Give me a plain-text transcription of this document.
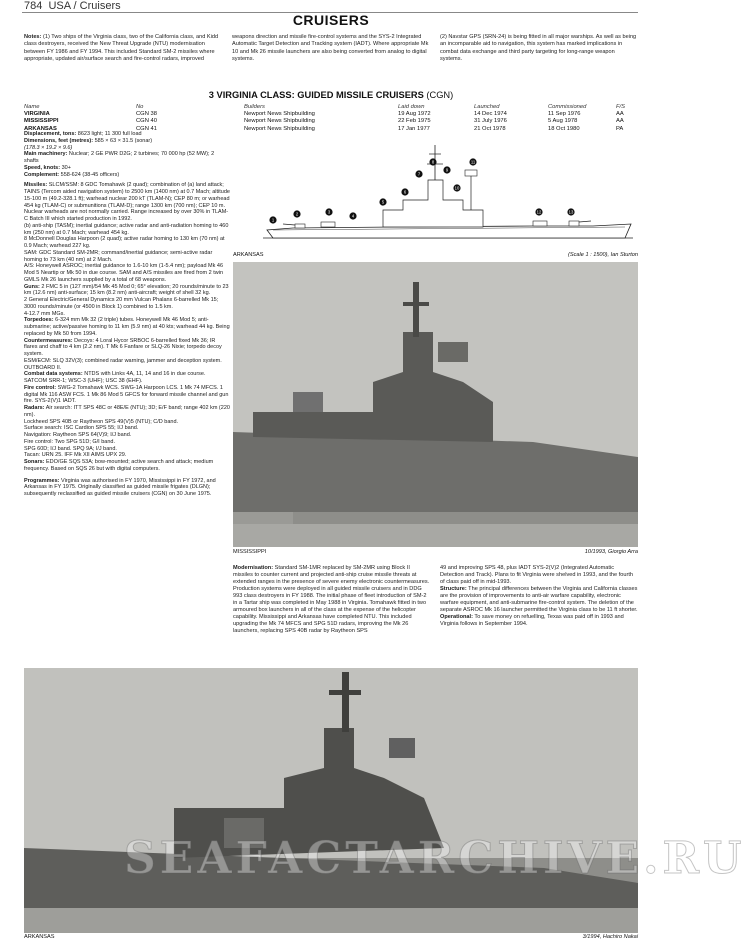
784 USA / Cruisers
CRUISERS
Notes: (1) Two ships of the Virginia class, two of the California class, and Kidd class destroyers, received the New Threat Upgrade (NTU) modernisation between FY 1986 and FY 1994. This included Standard SM-2 missiles where appropriate, updated air/surface search and fire-control radars, improved
weapons direction and missile fire-control systems and the SYS-2 Integrated Automatic Target Detection and Tracking system (IADT). Where appropriate Mk 10 and Mk 26 missile launchers are also being converted from analog to digital systems.
(2) Navstar GPS (SRN-24) is being fitted in all major warships. As well as being an incomparable aid to navigation, this system has marked implications in combat data exchange and third party targeting for long-range weapon systems.
3 VIRGINIA CLASS: GUIDED MISSILE CRUISERS (CGN)
Name	No	Builders	Laid down	Launched	Commissioned	F/S
VIRGINIA	CGN 38	Newport News Shipbuilding	19 Aug 1972	14 Dec 1974	11 Sep 1976	AA
MISSISSIPPI	CGN 40	Newport News Shipbuilding	22 Feb 1975	31 July 1976	5 Aug 1978	AA
ARKANSAS	CGN 41	Newport News Shipbuilding	17 Jan 1977	21 Oct 1978	18 Oct 1980	PA

Displacement, tons: 8623 light; 11 300 full load

Dimensions, feet (metres): 585 × 63 × 31.5 (sonar)
(178.3 × 19.2 × 9.6)

Main machinery: Nuclear; 2 GE PWR D2G; 2 turbines; 70 000 hp (52 MW); 2 shafts

Speed, knots: 30+

Complement: 558-624 (38-45 officers)

Missiles: SLCM/SSM: 8 GDC Tomahawk (2 quad); combination of (a) land attack; TAINS (Tercom aided navigation system) to 2500 km (1400 nm) at 0.7 Mach; altitude 15-100 m (49.2-328.1 ft); warhead nuclear 200 kT (TLAM-N); CEP 80 m; or warhead 454 kg (TLAM-C) or submunitions (TLAM-D); range 1300 km (700 nm); CEP 10 m. Nuclear warheads are not normally carried. Range increased by over 30% in TLAM-C Batch III which started production in 1992.

(b) anti-ship (TASM); inertial guidance; active radar and anti-radiation homing to 460 km (250 nm) at 0.7 Mach; warhead 454 kg.

8 McDonnell Douglas Harpoon (2 quad); active radar homing to 130 km (70 nm) at 0.9 Mach; warhead 227 kg.

SAM: GDC Standard SM-2MR; command/inertial guidance; semi-active radar homing to 73 km (40 nm) at 2 Mach.

A/S: Honeywell ASROC; inertial guidance to 1.6-10 km (1-5.4 nm); payload Mk 46 Mod 5 Neartip or Mk 50 in due course. SAM and A/S missiles are fired from 2 twin GMLS Mk 26 launchers supplied by a total of 68 weapons.

Guns: 2 FMC 5 in (127 mm)/54 Mk 45 Mod 0; 65° elevation; 20 rounds/minute to 23 km (12.6 nm) anti-surface; 15 km (8.2 nm) anti-aircraft; weight of shell 32 kg.

2 General Electric/General Dynamics 20 mm Vulcan Phalanx 6-barrelled Mk 15; 3000 rounds/minute (or 4500 in Block 1) combined to 1.5 km.

4-12.7 mm MGs.

Torpedoes: 6-324 mm Mk 32 (2 triple) tubes. Honeywell Mk 46 Mod 5; anti-submarine; active/passive homing to 11 km (5.9 nm) at 40 kts; warhead 44 kg. Being replaced by Mk 50 from 1994.

Countermeasures: Decoys: 4 Loral Hycor SRBOC 6-barrelled fixed Mk 36; IR flares and chaff to 4 km (2.2 nm). T Mk 6 Fanfare or SLQ-26 Nixie; torpedo decoy system.

ESM/ECM: SLQ 32V(3); combined radar warning, jammer and deception system. OUTBOARD II.

Combat data systems: NTDS with Links 4A, 11, 14 and 16 in due course. SATCOM SRR-1; WSC-3 (UHF); USC 38 (EHF).

Fire control: SWG-2 Tomahawk WCS. SWG-1A Harpoon LCS. 1 Mk 74 MFCS. 1 digital Mk 116 ASW FCS. 1 Mk 86 Mod 5 GFCS for forward missile channel and gun fire. SYS-2(V)1 IADT.

Radars: Air search: ITT SPS 48C or 48E/E (NTU); 3D; E/F band; range 402 km (220 nm).

Lockheed SPS 40B or Raytheon SPS 49(V)5 (NTU); C/D band.

Surface search: ISC Cardion SPS 55; I/J band.

Navigation: Raytheon SPS 64(V)9; I/J band.

Fire control: Two SPG 51D; G/I band.

SPG 60D; I/J band. SPQ 9A; I/J band.

Tacan: URN 25. IFF Mk XII AIMS UPX 29.

Sonars: EDO/GE SQS 53A; bow-mounted; active search and attack; medium frequency. Based on SQS 26 but with digital computers.

Programmes: Virginia was authorised in FY 1970, Mississippi in FY 1972, and Arkansas in FY 1975. Originally classified as guided missile frigates (DLGN); subsequently reclassified as guided missile cruisers (CGN) on 30 June 1975.

1
2	3
4
5
6
7
8
9
10
11
12	13
ARKANSAS	(Scale 1 : 1500), Ian Sturton
MISSISSIPPI	10/1993, Giorgio Arra
Modernisation: Standard SM-1MR replaced by SM-2MR using Block II missiles to counter current and projected anti-ship cruise missile threats at extended ranges in the presence of severe enemy electronic countermeasures. Production systems were deployed in all guided missile cruisers and in DDG 993 class destroyers in FY 1988. The initial phase of fleet introduction of SM-2 in a Tartar ship was completed in May 1988 in Virginia. Tomahawk fitted in two armoured box launchers in all of the class at the expense of the helicopter capability. Mississippi and Arkansas have completed NTU. This included upgrading the Mk 74 MFCS and SPG 51D radars, improving the Mk 26 launchers, replacing SPS 40B radar by Raytheon SPS
49 and improving SPS 48, plus IADT SYS-2(V)2 (Integrated Automatic Detection and Track). Plans to fit Virginia were shelved in 1993, and the fourth of class paid off in mid-1993.
Structure: The principal differences between the Virginia and California classes are the provision of improvements to anti-air warfare capability, electronic warfare equipment, and anti-submarine fire-control system. The deletion of the separate ASROC Mk 16 launcher permitted the Virginia class to be 11 ft shorter.
Operational: To save money on refuelling, Texas was paid off in 1993 and Virginia follows in September 1994.
SEAFACTARCHIVE.RU
ARKANSAS	3/1994, Hachiro Nakai
